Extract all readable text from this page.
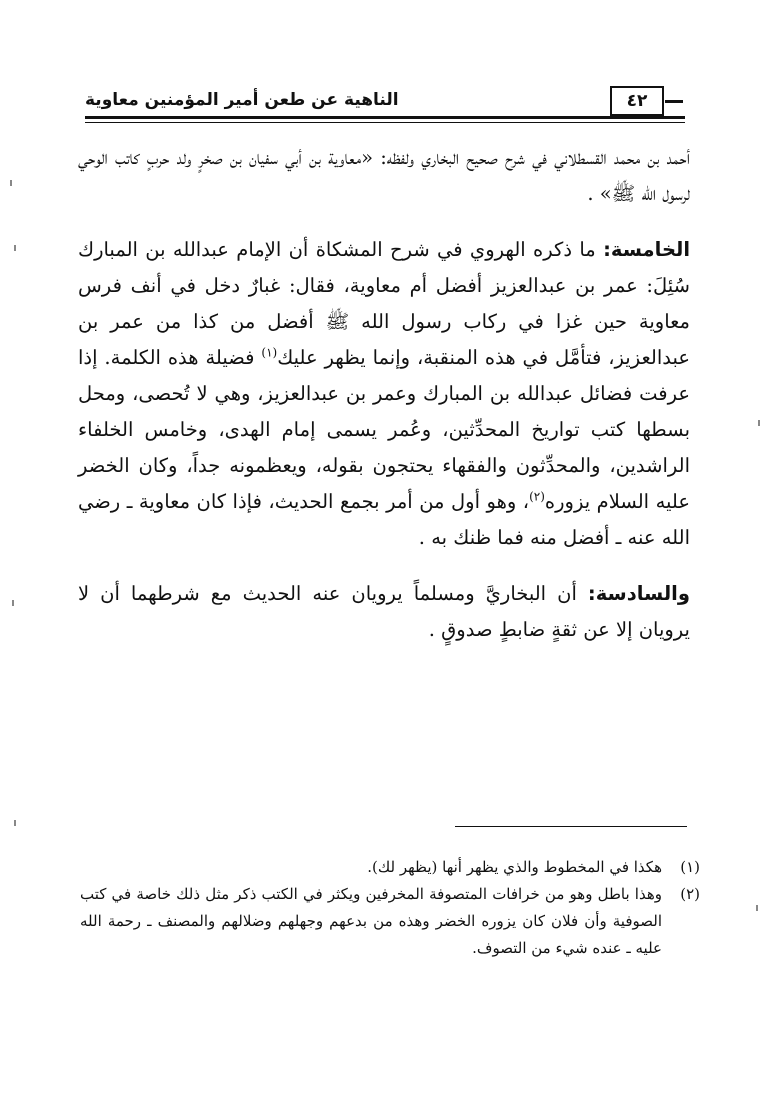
الناهية عن طعن أمير المؤمنين معاوية	٤٢

أحمد بن محمد القسطلاني في شرح صحيح البخاري ولفظه: «معاوية بن أبي سفيان بن صخرٍ ولد حربٍ كاتب الوحي لرسول الله ﷺ» .

الخامسة: ما ذكره الهروي في شرح المشكاة أن الإمام عبدالله بن المبارك سُئِلَ: عمر بن عبدالعزيز أفضل أم معاوية، فقال: غبارٌ دخل في أنف فرس معاوية حين غزا في ركاب رسول الله ﷺ أفضل من كذا من عمر بن عبدالعزيز، فتأمَّل في هذه المنقبة، وإنما يظهر عليك$^{(١)}$ فضيلة هذه الكلمة. إذا عرفت فضائل عبدالله بن المبارك وعمر بن عبدالعزيز، وهي لا تُحصى، ومحل بسطها كتب تواريخ المحدِّثين، وعُمر يسمى إمام الهدى، وخامس الخلفاء الراشدين، والمحدِّثون والفقهاء يحتجون بقوله، ويعظمونه جداً، وكان الخضر عليه السلام يزوره$^{(٢)}$، وهو أول من أمر بجمع الحديث، فإذا كان معاوية ـ رضي الله عنه ـ أفضل منه فما ظنك به .

والسادسة: أن البخاريَّ ومسلماً يرويان عنه الحديث مع شرطهما أن لا يرويان إلا عن ثقةٍ ضابطٍ صدوقٍ .

(١)
هكذا في المخطوط والذي يظهر أنها (يظهر لك).
(٢)
وهذا باطل وهو من خرافات المتصوفة المخرفين ويكثر في الكتب ذكر مثل ذلك خاصة في كتب الصوفية وأن فلان كان يزوره الخضر وهذه من بدعهم وجهلهم وضلالهم والمصنف ـ رحمة الله عليه ـ عنده شيء من التصوف.
